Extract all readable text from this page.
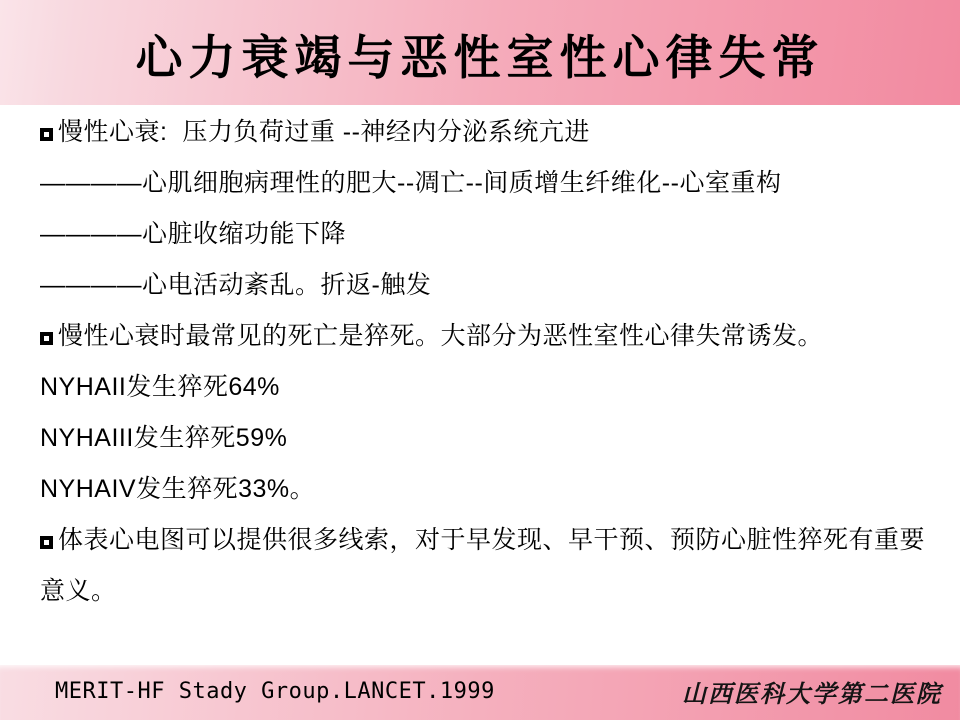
心力衰竭与恶性室性心律失常
慢性心衰:  压力负荷过重 --神经内分泌系统亢进
————心肌细胞病理性的肥大--凋亡--间质增生纤维化--心室重构
————心脏收缩功能下降
————心电活动紊乱。折返-触发
慢性心衰时最常见的死亡是猝死。大部分为恶性室性心律失常诱发。
NYHAII发生猝死64%
NYHAIII发生猝死59%
NYHAIV发生猝死33%。
体表心电图可以提供很多线索，对于早发现、早干预、预防心脏性猝死有重要
意义。
MERIT-HF Stady Group.LANCET.1999	山西医科大学第二医院
